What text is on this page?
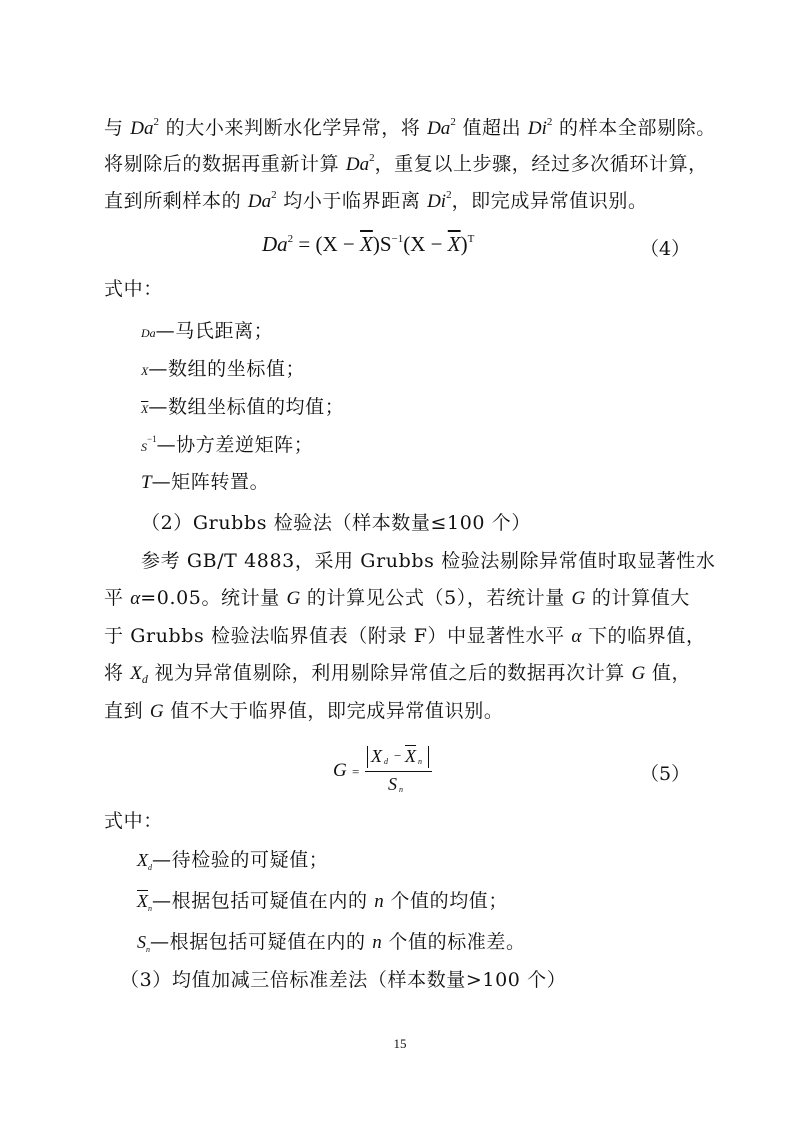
与 Da$^2$ 的大小来判断水化学异常，将 Da$^2$ 值超出 Di$^2$ 的样本全部剔除。
将剔除后的数据再重新计算 Da$^2$，重复以上步骤，经过多次循环计算，
直到所剩样本的 Da$^2$ 均小于临界距离 Di$^2$，即完成异常值识别。
$Da^2 = (X - \overline{X})S^{-1}(X - \overline{X})^T$	（4）
式中：
Da—马氏距离；
X—数组的坐标值；
$\overline{X}—$数组坐标值的均值；
$S^{-1}—$协方差逆矩阵；
T—矩阵转置。
（2）Grubbs 检验法（样本数量≤100 个）
参考 GB/T 4883，采用 Grubbs 检验法剔除异常值时取显著性水
平 α=0.05。统计量 G 的计算见公式（5），若统计量 G 的计算值大
于 Grubbs 检验法临界值表（附录 F）中显著性水平 α 下的临界值，
将 $X_d$ 视为异常值剔除，利用剔除异常值之后的数据再次计算 G 值，
直到 G 值不大于临界值，即完成异常值识别。
G =
X $d - \overline{X}$ n
S n
（5）
式中：
$X_d—$待检验的可疑值；
$\overline{X}_n—$根据包括可疑值在内的 n 个值的均值；
$S_n—$根据包括可疑值在内的 n 个值的标准差。
（3）均值加减三倍标准差法（样本数量>100 个）
15
